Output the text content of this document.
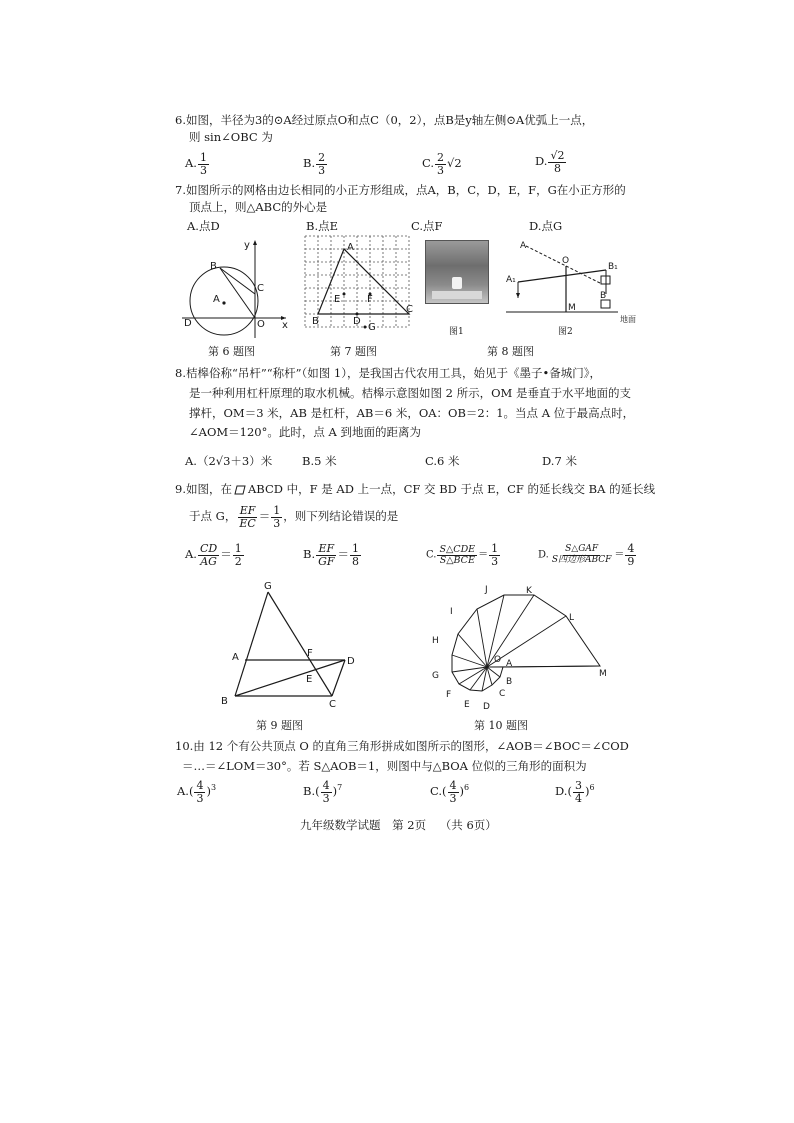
6.如图，半径为3的⊙A经过原点O和点C（0，2），点B是y轴左侧⊙A优弧上一点，
则 sin∠OBC 为
A. $\frac{1}{3}$	B. $\frac{2}{3}$	C. $\frac{2}{3} √2$	D. $\frac{√2}{8}$
7.如图所示的网格由边长相同的小正方形组成，点A，B，C，D，E，F，G在小正方形的
顶点上，则△ABC的外心是
A.点D	B.点E	C.点F	D.点G
B
A
C
D	O x
y
第 6 题图
A
B
C
D
E	F
G
第 7 题图
图1
A
A₁
O
B₁
B
M
地面
图2
第 8 题图
8.桔槔俗称“吊杆”“称杆”（如图 1），是我国古代农用工具，始见于《墨子•备城门》，
是一种利用杠杆原理的取水机械。桔槔示意图如图 2 所示，OM 是垂直于水平地面的支
撑杆，OM＝3 米，AB 是杠杆，AB＝6 米，OA：OB＝2：1。当点 A 位于最高点时，
∠AOM＝120°。此时，点 A 到地面的距离为
A.（2√3＋3）米	B.5 米	C.6 米	D.7 米
9.如图，在 ABCD 中，F 是 AD 上一点，CF 交 BD 于点 E，CF 的延长线交 BA 的延长线
于点 G， $\frac{EF}{EC} = \frac{1}{3}$ ，则下列结论错误的是
A. $\frac{CD}{AG} = \frac{1}{2}$	B. $\frac{EF}{GF} = \frac{1}{8}$	C. $\frac{\text{S△CDE}}{\text{S△BCE}} = \frac{1}{3}$	D. $\frac{\text{S△GAF}}{\text{S四边形ABCF}} = \frac{4}{9}$
G
A	F
D
E
B	C
第 9 题图
J	K
I
L
H
O A
G	M
B
F	C
E D
第 10 题图
10.由 12 个有公共顶点 O 的直角三角形拼成如图所示的图形，∠AOB＝∠BOC＝∠COD
＝…＝∠LOM＝30°。若 S△AOB＝1，则图中与△BOA 位似的三角形的面积为
$A.( \frac{4}{3} )^3$	$B.( \frac{4}{3} )^7$	$C.( \frac{4}{3} )^6$	$D.( \frac{3}{4} )^6$
九年级数学试题 第 2页 （共 6页）
